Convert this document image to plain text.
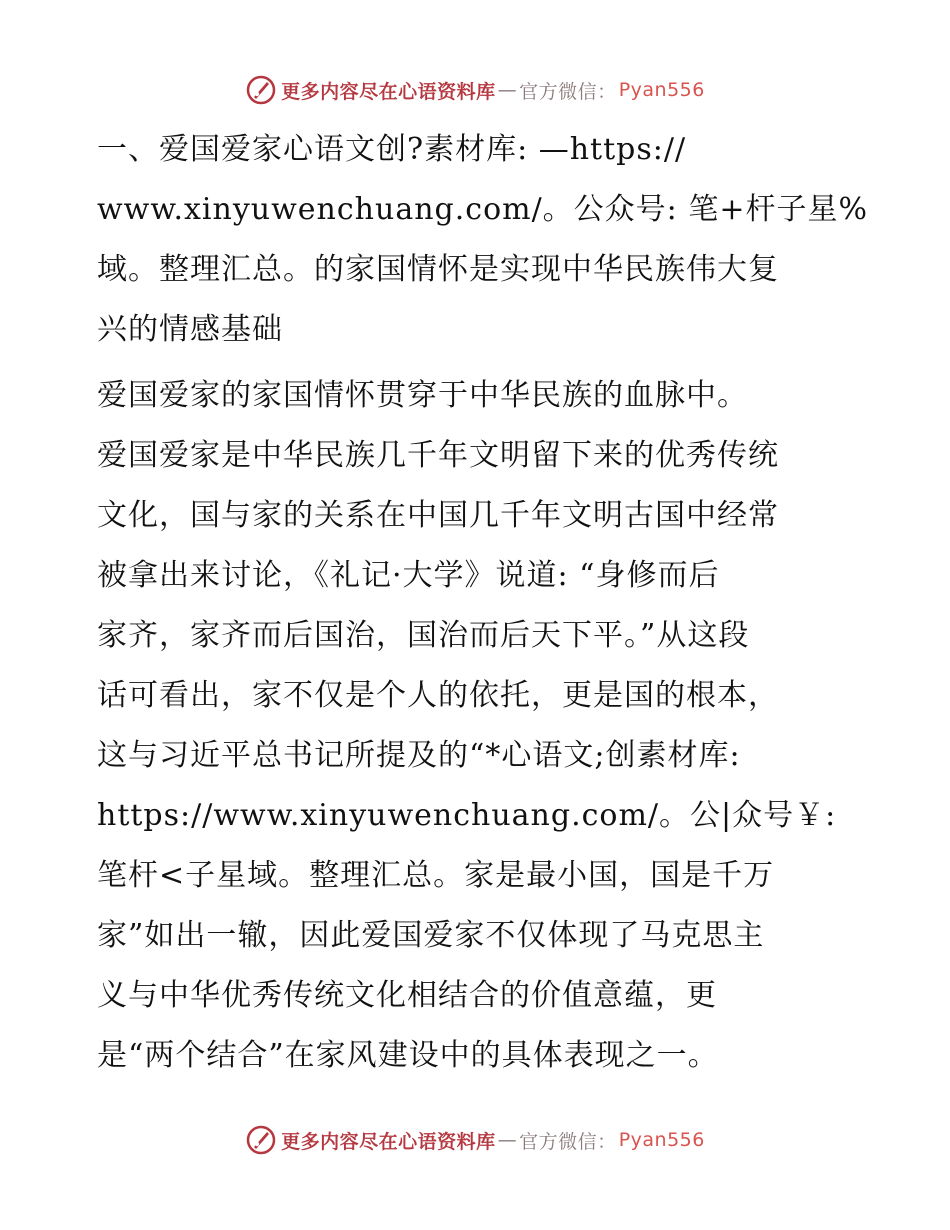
更多内容尽在心语资料库 — 官方微信： Pyan556
一、爱国爱家心语文创?素材库: —https://
www.xinyuwenchuang.com/。公众号: 笔+杆子星%
域。整理汇总。的家国情怀是实现中华民族伟大复
兴的情感基础
爱国爱家的家国情怀贯穿于中华民族的血脉中。
爱国爱家是中华民族几千年文明留下来的优秀传统
文化，国与家的关系在中国几千年文明古国中经常
被拿出来讨论，《礼记·大学》说道: “身修而后
家齐，家齐而后国治，国治而后天下平。”从这段
话可看出，家不仅是个人的依托，更是国的根本，
这与习近平总书记所提及的“*心语文;创素材库:
https://www.xinyuwenchuang.com/。公|众号￥:
笔杆<子星域。整理汇总。家是最小国，国是千万
家”如出一辙，因此爱国爱家不仅体现了马克思主
义与中华优秀传统文化相结合的价值意蕴，更
是“两个结合”在家风建设中的具体表现之一。
更多内容尽在心语资料库 — 官方微信： Pyan556
